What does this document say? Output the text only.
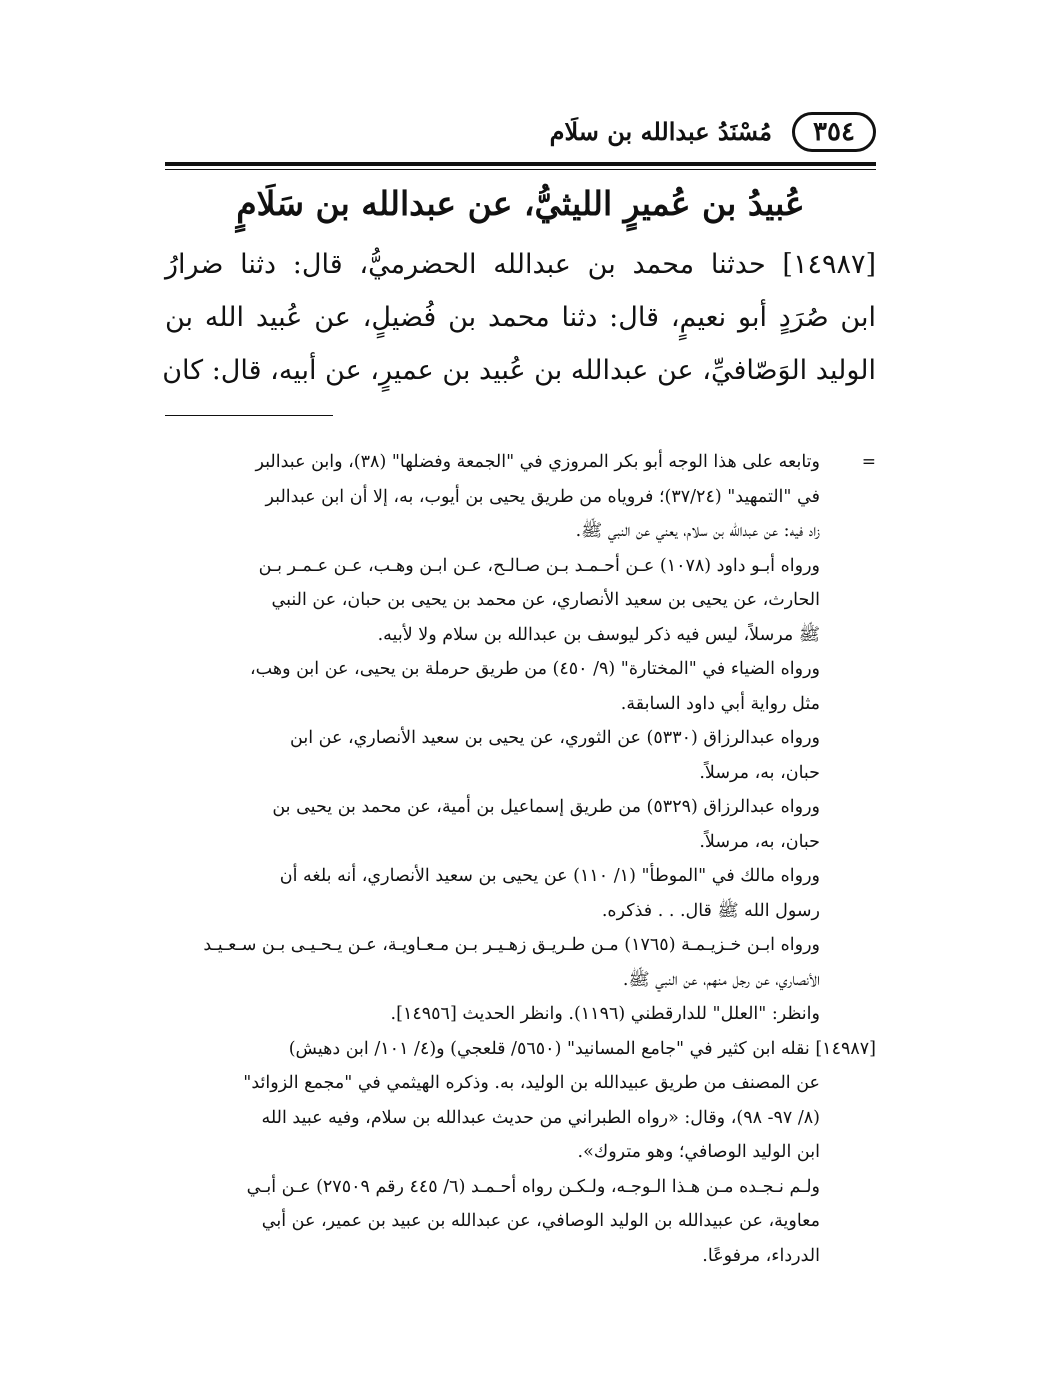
٣٥٤
مُسْنَدُ عبدالله بن سلَام
عُبيدُ بن عُميرٍ الليثيُّ، عن عبدالله بن سَلَامٍ
[١٤٩٨٧] حدثنا محمد بن عبدالله الحضرميُّ، قال: دثنا ضرارُ
ابن صُرَدٍ أبو نعيمٍ، قال: دثنا محمد بن فُضيلٍ، عن عُبيد الله بن
الوليد الوَصّافيِّ، عن عبدالله بن عُبيد بن عميرٍ، عن أبيه، قال: كان
=
وتابعه على هذا الوجه أبو بكر المروزي في "الجمعة وفضلها" (٣٨)، وابن عبدالبر
في "التمهيد" (٣٧/٢٤)؛ فروياه من طريق يحيى بن أيوب، به، إلا أن ابن عبدالبر
زاد فيه: عن عبدالله بن سلام، يعني عن النبي ﷺ.
ورواه أبـو داود (١٠٧٨) عـن أحـمـد بـن صـالـح، عـن ابـن وهـب، عـن عـمـر بـن
الحارث، عن يحيى بن سعيد الأنصاري، عن محمد بن يحيى بن حبان، عن النبي
ﷺ مرسلاً، ليس فيه ذكر ليوسف بن عبدالله بن سلام ولا لأبيه.
ورواه الضياء في "المختارة" (٩/ ٤٥٠) من طريق حرملة بن يحيى، عن ابن وهب،
مثل رواية أبي داود السابقة.
ورواه عبدالرزاق (٥٣٣٠) عن الثوري، عن يحيى بن سعيد الأنصاري، عن ابن
حبان، به، مرسلاً.
ورواه عبدالرزاق (٥٣٢٩) من طريق إسماعيل بن أمية، عن محمد بن يحيى بن
حبان، به، مرسلاً.
ورواه مالك في "الموطأ" (١/ ١١٠) عن يحيى بن سعيد الأنصاري، أنه بلغه أن
رسول الله ﷺ قال. . . فذكره.
ورواه ابـن خـزيـمـة (١٧٦٥) مـن طـريـق زهـيـر بـن مـعـاويـة، عـن يـحـيـى بـن سـعـيـد
الأنصاري، عن رجل منهم، عن النبي ﷺ.
وانظر: "العلل" للدارقطني (١١٩٦). وانظر الحديث [١٤٩٥٦].
[١٤٩٨٧] نقله ابن كثير في "جامع المسانيد" (٥٦٥٠/ قلعجي) و(٤/ ١٠١/ ابن دهيش)
عن المصنف من طريق عبيدالله بن الوليد، به. وذكره الهيثمي في "مجمع الزوائد"
(٨/ ٩٧- ٩٨)، وقال: «رواه الطبراني من حديث عبدالله بن سلام، وفيه عبيد الله
ابن الوليد الوصافي؛ وهو متروك».
ولـم نـجـده مـن هـذا الـوجـه، ولـكـن رواه أحـمـد (٦/ ٤٤٥ رقم ٢٧٥٠٩) عـن أبـي
معاوية، عن عبيدالله بن الوليد الوصافي، عن عبدالله بن عبيد بن عمير، عن أبي
الدرداء، مرفوعًا.
